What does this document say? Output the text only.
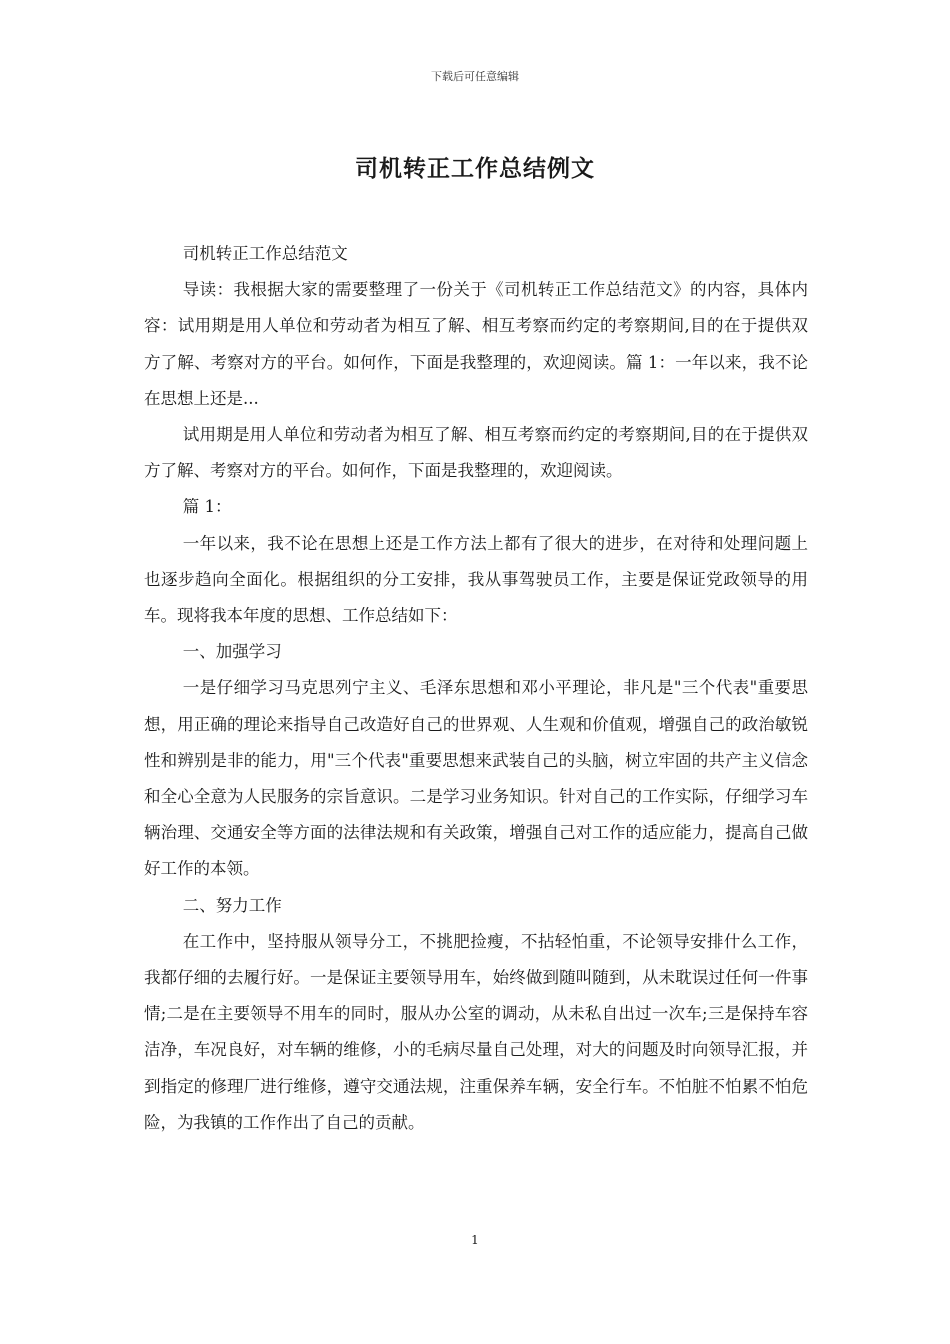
下载后可任意编辑
司机转正工作总结例文

司机转正工作总结范文

导读：我根据大家的需要整理了一份关于《司机转正工作总结范文》的内容，具体内容：试用期是用人单位和劳动者为相互了解、相互考察而约定的考察期间,目的在于提供双方了解、考察对方的平台。如何作，下面是我整理的，欢迎阅读。篇 1：一年以来，我不论在思想上还是...

试用期是用人单位和劳动者为相互了解、相互考察而约定的考察期间,目的在于提供双方了解、考察对方的平台。如何作，下面是我整理的，欢迎阅读。

篇 1：

一年以来，我不论在思想上还是工作方法上都有了很大的进步，在对待和处理问题上也逐步趋向全面化。根据组织的分工安排，我从事驾驶员工作，主要是保证党政领导的用车。现将我本年度的思想、工作总结如下：

一、加强学习

一是仔细学习马克思列宁主义、毛泽东思想和邓小平理论，非凡是"三个代表"重要思想，用正确的理论来指导自己改造好自己的世界观、人生观和价值观，增强自己的政治敏锐性和辨别是非的能力，用"三个代表"重要思想来武装自己的头脑，树立牢固的共产主义信念和全心全意为人民服务的宗旨意识。二是学习业务知识。针对自己的工作实际，仔细学习车辆治理、交通安全等方面的法律法规和有关政策，增强自己对工作的适应能力，提高自己做好工作的本领。

二、努力工作

在工作中，坚持服从领导分工，不挑肥捡瘦，不拈轻怕重，不论领导安排什么工作，我都仔细的去履行好。一是保证主要领导用车，始终做到随叫随到，从未耽误过任何一件事情;二是在主要领导不用车的同时，服从办公室的调动，从未私自出过一次车;三是保持车容洁净，车况良好，对车辆的维修，小的毛病尽量自己处理，对大的问题及时向领导汇报，并到指定的修理厂进行维修，遵守交通法规，注重保养车辆，安全行车。不怕脏不怕累不怕危险，为我镇的工作作出了自己的贡献。

1
